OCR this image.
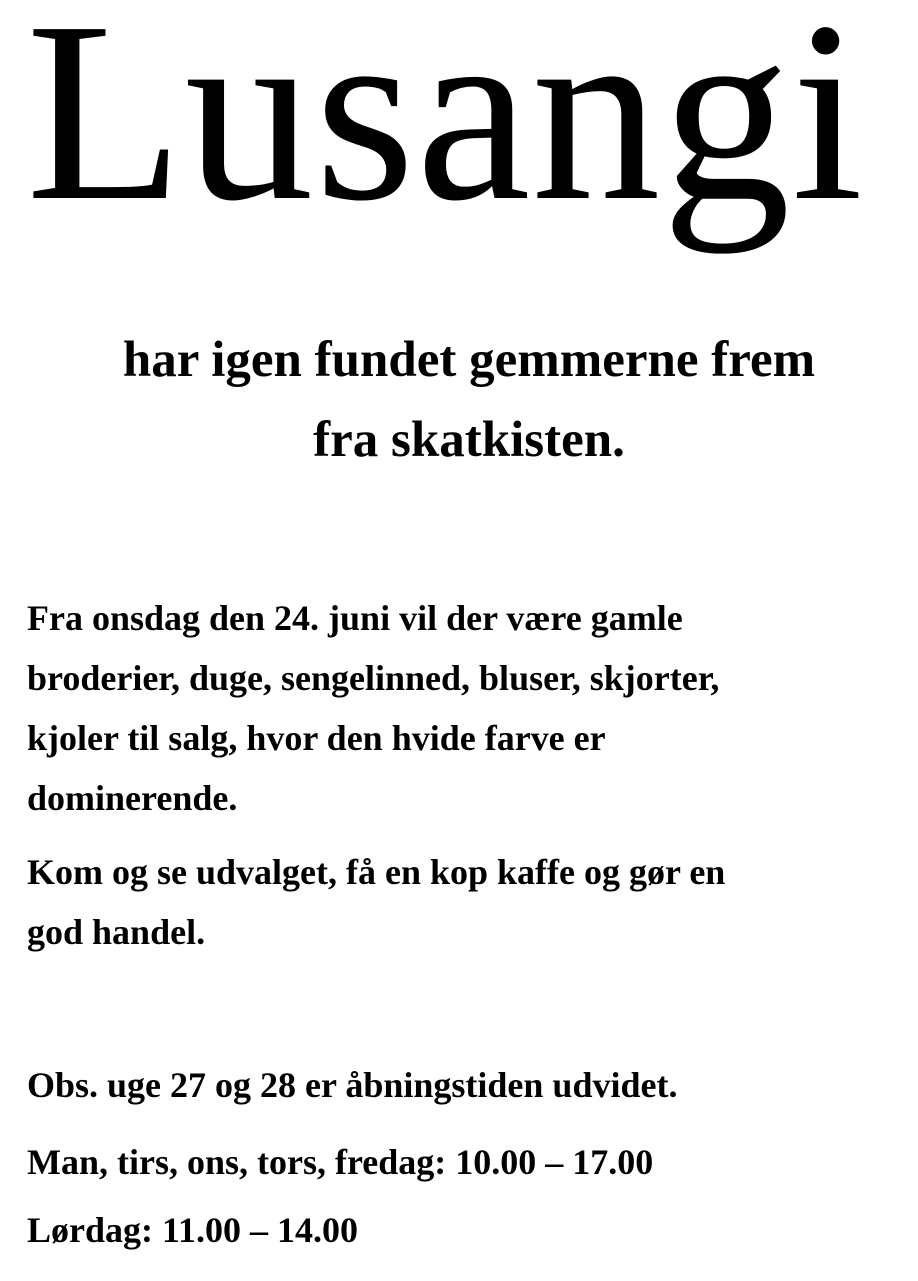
Lusangi
har igen fundet gemmerne frem
fra skatkisten.
Fra onsdag den 24. juni vil der være gamle
broderier, duge, sengelinned, bluser, skjorter,
kjoler til salg, hvor den hvide farve er
dominerende.
Kom og se udvalget, få en kop kaffe og gør en
god handel.
Obs. uge 27 og 28 er åbningstiden udvidet.
Man, tirs, ons, tors, fredag: 10.00 – 17.00
Lørdag: 11.00 – 14.00
